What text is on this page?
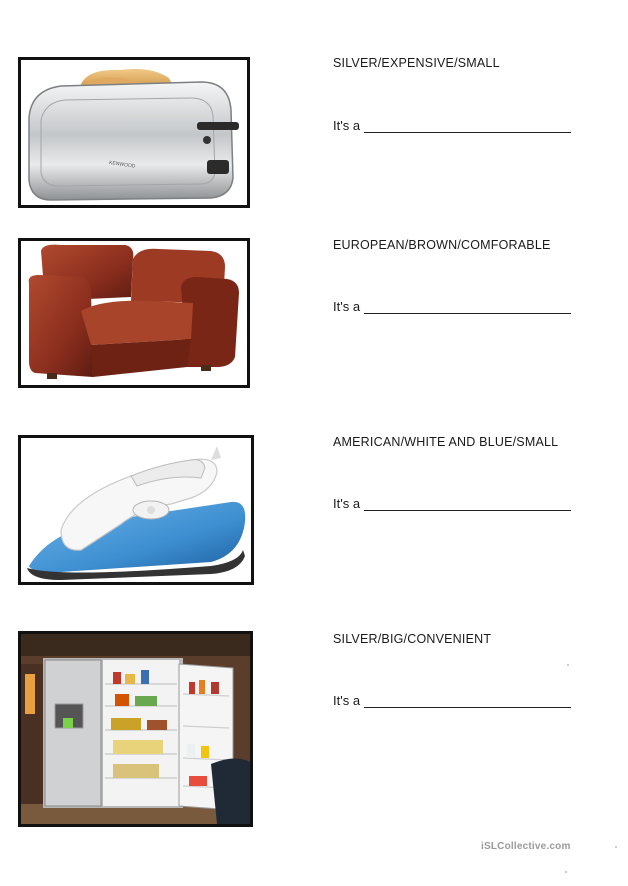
KENWOOD
SILVER/EXPENSIVE/SMALL
It's a
EUROPEAN/BROWN/COMFORABLE
It's a
AMERICAN/WHITE AND BLUE/SMALL
It's a
SILVER/BIG/CONVENIENT
It's a
iSLCollective.com
